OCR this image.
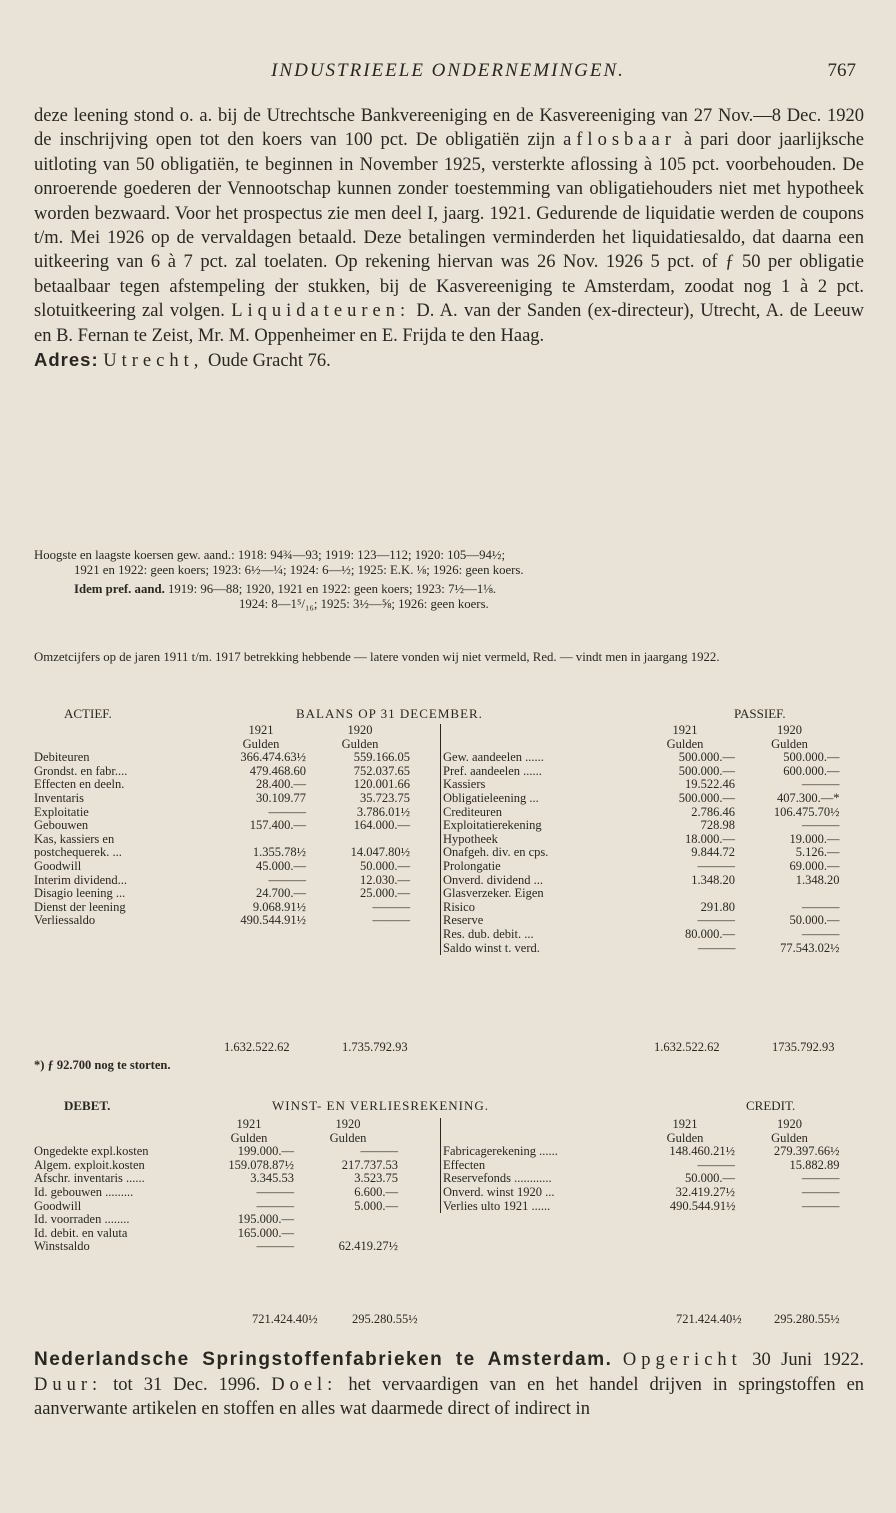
INDUSTRIEELE ONDERNEMINGEN.	767

deze leening stond o. a. bij de Utrechtsche Bankvereeniging en de Kasvereeniging van 27 Nov.—8 Dec. 1920 de inschrijving open tot den koers van 100 pct. De obligatiën zijn aflosbaar à pari door jaarlijksche uitloting van 50 obligatiën, te beginnen in November 1925, versterkte aflossing à 105 pct. voorbehouden. De onroerende goederen der Vennootschap kunnen zonder toestemming van obligatiehouders niet met hypotheek worden bezwaard. Voor het prospectus zie men deel I, jaarg. 1921. Gedurende de liquidatie werden de coupons t/m. Mei 1926 op de vervaldagen betaald. Deze betalingen verminderden het liquidatiesaldo, dat daarna een uitkeering van 6 à 7 pct. zal toelaten. Op rekening hiervan was 26 Nov. 1926 5 pct. of ƒ 50 per obligatie betaalbaar tegen afstempeling der stukken, bij de Kasvereeniging te Amsterdam, zoodat nog 1 à 2 pct. slotuitkeering zal volgen. Liquidateuren: D. A. van der Sanden (ex-directeur), Utrecht, A. de Leeuw en B. Fernan te Zeist, Mr. M. Oppenheimer en E. Frijda te den Haag.

Adres: Utrecht, Oude Gracht 76.

Hoogste en laagste koersen gew. aand.: 1918: 94¾—93; 1919: 123—112; 1920: 105—94½;

1921 en 1922: geen koers; 1923: 6½—¼; 1924: 6—½; 1925: E.K. ⅛; 1926: geen koers.

Idem pref. aand. 1919: 96—88; 1920, 1921 en 1922: geen koers; 1923: 7½—1⅛.

1924: 8—1⁵/₁₆; 1925: 3½—⅝; 1926: geen koers.

Omzetcijfers op de jaren 1911 t/m. 1917 betrekking hebbende — latere vonden wij niet vermeld, Red. — vindt men in jaargang 1922.

ACTIEF.	BALANS OP 31 DECEMBER.	PASSIEF.
	1921	1920
	Gulden	Gulden
Debiteuren	366.474.63½	559.166.05
Grondst. en fabr....	479.468.60	752.037.65
Effecten en deeln.	28.400.—	120.001.66
Inventaris	30.109.77	35.723.75
Exploitatie	———	3.786.01½
Gebouwen	157.400.—	164.000.—
Kas, kassiers en		
postchequerek. ...	1.355.78½	14.047.80½
Goodwill	45.000.—	50.000.—
Interim dividend...	———	12.030.—
Disagio leening ...	24.700.—	25.000.—
Dienst der leening	9.068.91½	———
Verliessaldo	490.544.91½	———
	1921	1920
	Gulden	Gulden
Gew. aandeelen ......	500.000.—	500.000.—
Pref. aandeelen ......	500.000.—	600.000.—
Kassiers	19.522.46	———
Obligatieleening ...	500.000.—	407.300.—*
Crediteuren	2.786.46	106.475.70½
Exploitatierekening	728.98	———
Hypotheek	18.000.—	19.000.—
Onafgeh. div. en cps.	9.844.72	5.126.—
Prolongatie	———	69.000.—
Onverd. dividend ...	1.348.20	1.348.20
Glasverzeker. Eigen		
Risico	291.80	———
Reserve	———	50.000.—
Res. dub. debit. ...	80.000.—	———
Saldo winst t. verd.	———	77.543.02½
1.632.522.62	1.735.792.93	1.632.522.62	1735.792.93
*) ƒ 92.700 nog te storten.
DEBET.	WINST- EN VERLIESREKENING.	CREDIT.
	1921	1920
	Gulden	Gulden
Ongedekte expl.kosten	199.000.—	———
Algem. exploit.kosten	159.078.87½	217.737.53
Afschr. inventaris ......	3.345.53	3.523.75
Id. gebouwen .........	———	6.600.—
Goodwill	———	5.000.—
Id. voorraden ........	195.000.—	
Id. debit. en valuta	165.000.—	
Winstsaldo	———	62.419.27½
	1921	1920
	Gulden	Gulden
Fabricagerekening ......	148.460.21½	279.397.66½
Effecten	———	15.882.89
Reservefonds ............	50.000.—	———
Onverd. winst 1920 ...	32.419.27½	———
Verlies ulto 1921 ......	490.544.91½	———
721.424.40½	295.280.55½	721.424.40½	295.280.55½

Nederlandsche Springstoffenfabrieken te Amsterdam. Opgericht 30 Juni 1922. Duur: tot 31 Dec. 1996. Doel: het vervaardigen van en het handel drijven in springstoffen en aanverwante artikelen en stoffen en alles wat daarmede direct of indirect in
